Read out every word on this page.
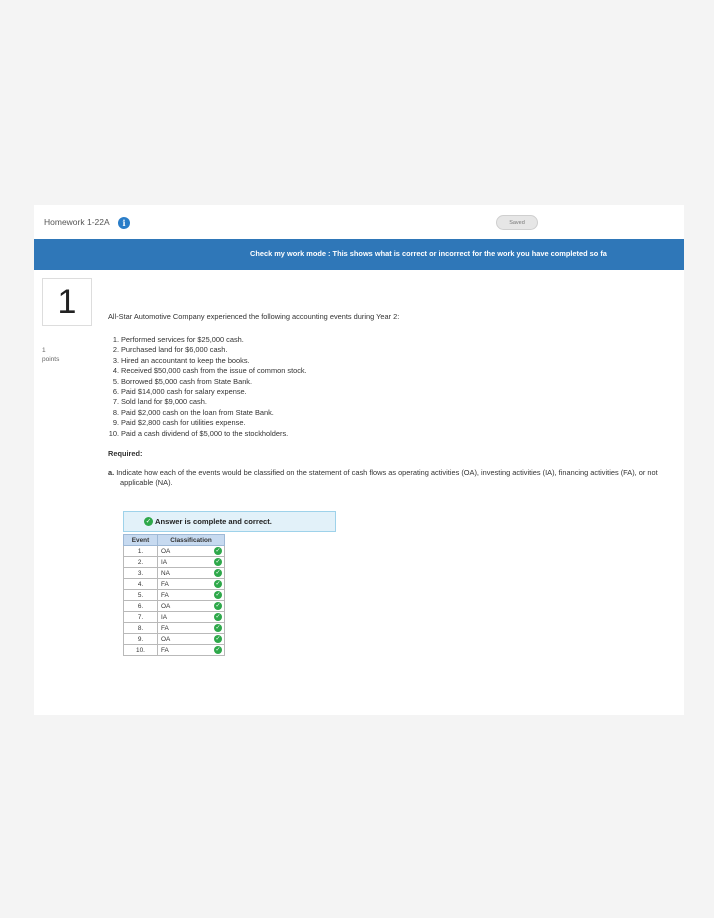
Homework 1-22A	i	Saved
Check my work mode : This shows what is correct or incorrect for the work you have completed so fa
1
1
points

All-Star Automotive Company experienced the following accounting events during Year 2:

1. Performed services for $25,000 cash.
2. Purchased land for $6,000 cash.
3. Hired an accountant to keep the books.
4. Received $50,000 cash from the issue of common stock.
5. Borrowed $5,000 cash from State Bank.
6. Paid $14,000 cash for salary expense.
7. Sold land for $9,000 cash.
8. Paid $2,000 cash on the loan from State Bank.
9. Paid $2,800 cash for utilities expense.
10. Paid a cash dividend of $5,000 to the stockholders.
Required:
a. Indicate how each of the events would be classified on the statement of cash flows as operating activities (OA), investing activities (IA), financing activities (FA), or not applicable (NA).
✓ Answer is complete and correct.
Event	Classification
1.	OA ✓

2.	IA ✓

3.	NA ✓

4.	FA ✓

5.	FA ✓

6.	OA ✓

7.	IA ✓

8.	FA ✓

9.	OA ✓

10.	FA ✓
